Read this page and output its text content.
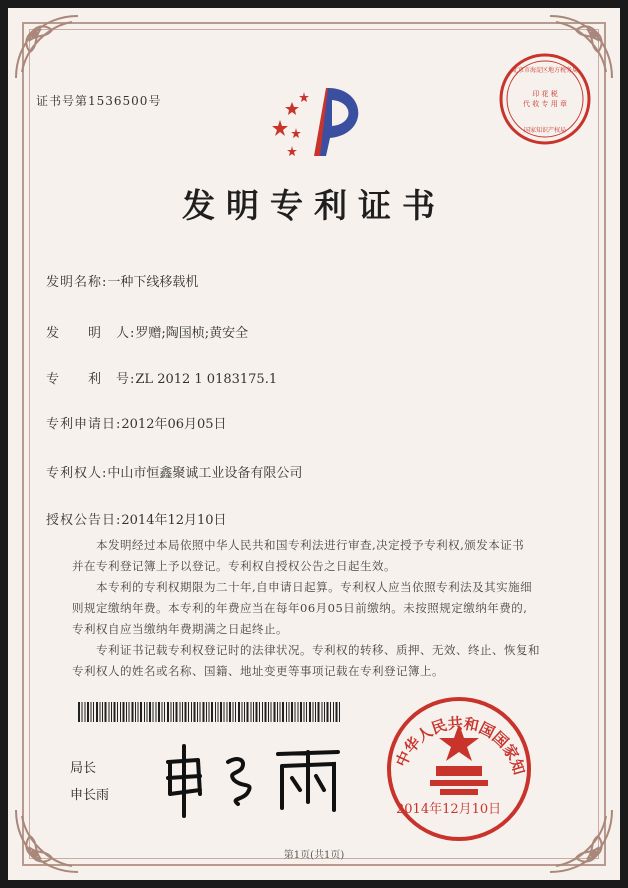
证书号第1536500号	印 花 税
代 收 专 用 章
北京市海淀区地方税务局
国家知识产权局
发明专利证书
发明名称:一种下线移载机
发　　明　人:罗赠;陶国桢;黄安全
专　　利　号:ZL 2012 1 0183175.1
专利申请日:2012年06月05日
专利权人:中山市恒鑫聚诚工业设备有限公司
授权公告日:2014年12月10日
　　本发明经过本局依照中华人民共和国专利法进行审查,决定授予专利权,颁发本证书
并在专利登记簿上予以登记。专利权自授权公告之日起生效。
　　本专利的专利权期限为二十年,自申请日起算。专利权人应当依照专利法及其实施细
则规定缴纳年费。本专利的年费应当在每年06月05日前缴纳。未按照规定缴纳年费的,
专利权自应当缴纳年费期满之日起终止。
　　专利证书记载专利权登记时的法律状况。专利权的转移、质押、无效、终止、恢复和
专利权人的姓名或名称、国籍、地址变更等事项记载在专利登记簿上。
局长
申长雨
中华人民共和国国家知
2014年12月10日
第1页(共1页)
